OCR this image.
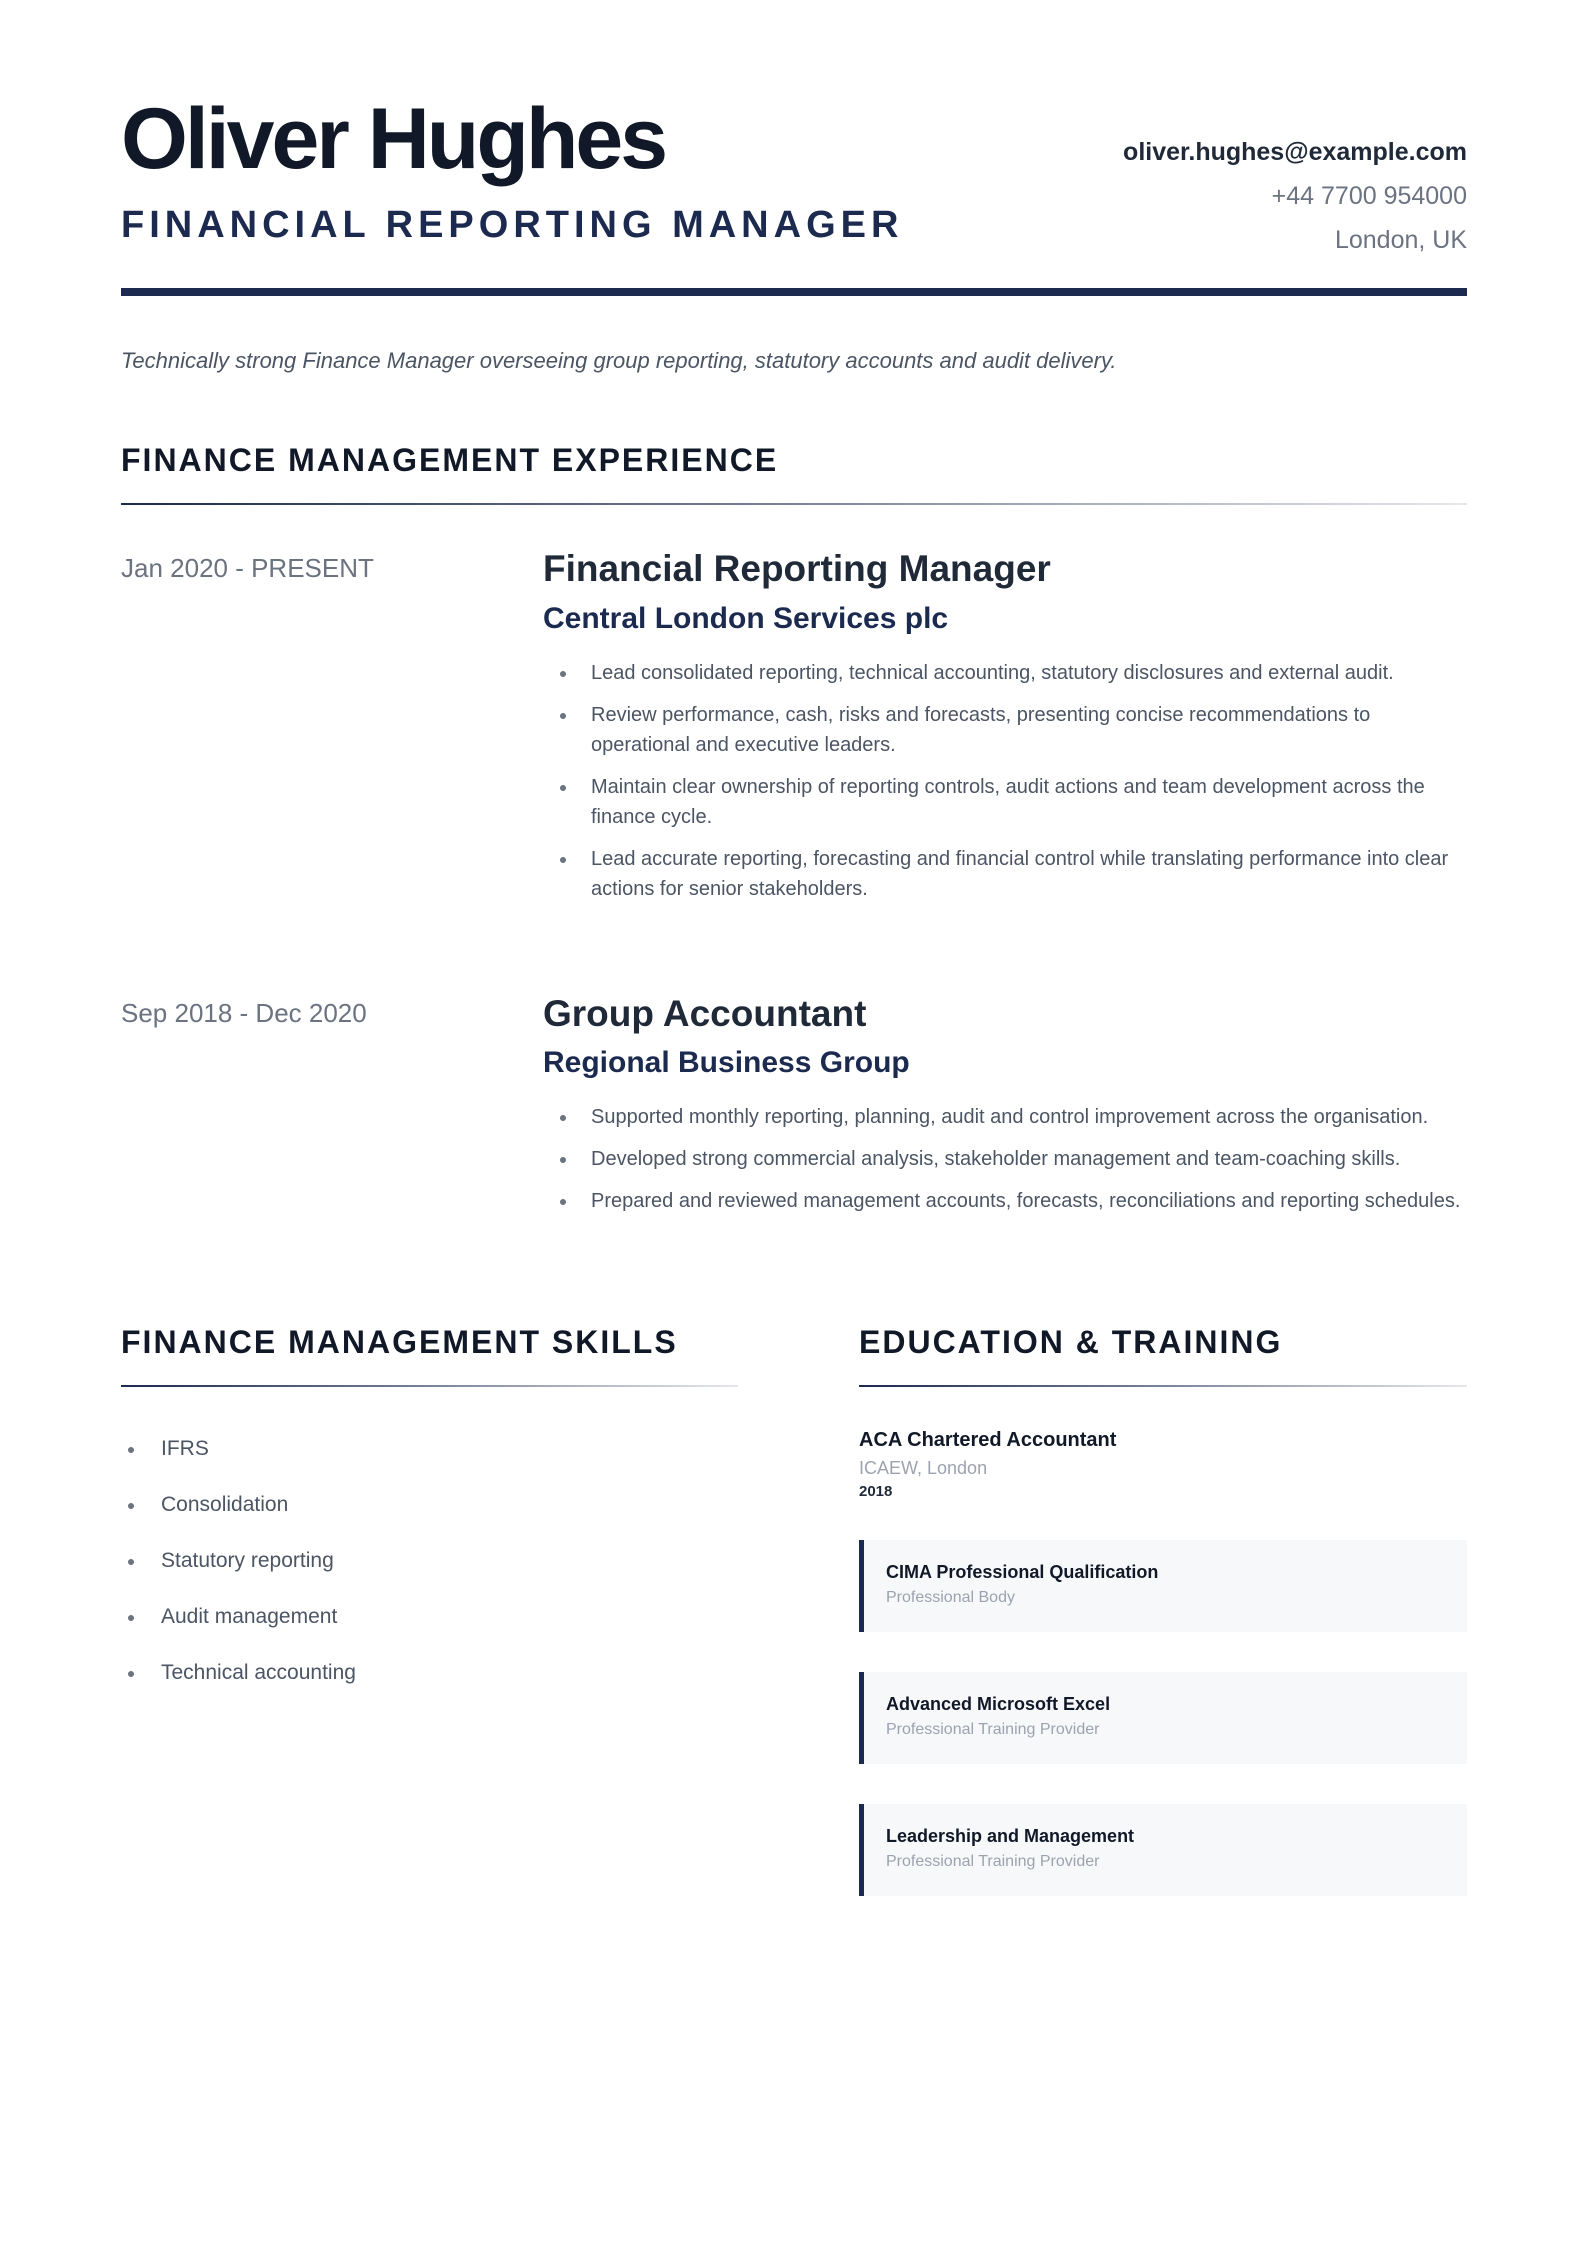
Oliver Hughes
FINANCIAL REPORTING MANAGER
oliver.hughes@example.com
+44 7700 954000
London, UK

Technically strong Finance Manager overseeing group reporting, statutory accounts and audit delivery.

FINANCE MANAGEMENT EXPERIENCE
Jan 2020 - PRESENT	Financial Reporting Manager
Central London Services plc
Lead consolidated reporting, technical accounting, statutory disclosures and external audit.
Review performance, cash, risks and forecasts, presenting concise recommendations to operational and executive leaders.
Maintain clear ownership of reporting controls, audit actions and team development across the finance cycle.
Lead accurate reporting, forecasting and financial control while translating performance into clear actions for senior stakeholders.
Sep 2018 - Dec 2020	Group Accountant
Regional Business Group
Supported monthly reporting, planning, audit and control improvement across the organisation.
Developed strong commercial analysis, stakeholder management and team-coaching skills.
Prepared and reviewed management accounts, forecasts, reconciliations and reporting schedules.
FINANCE MANAGEMENT SKILLS
IFRS
Consolidation
Statutory reporting
Audit management
Technical accounting
EDUCATION & TRAINING
ACA Chartered Accountant
ICAEW, London
2018
CIMA Professional Qualification
Professional Body
Advanced Microsoft Excel
Professional Training Provider
Leadership and Management
Professional Training Provider
